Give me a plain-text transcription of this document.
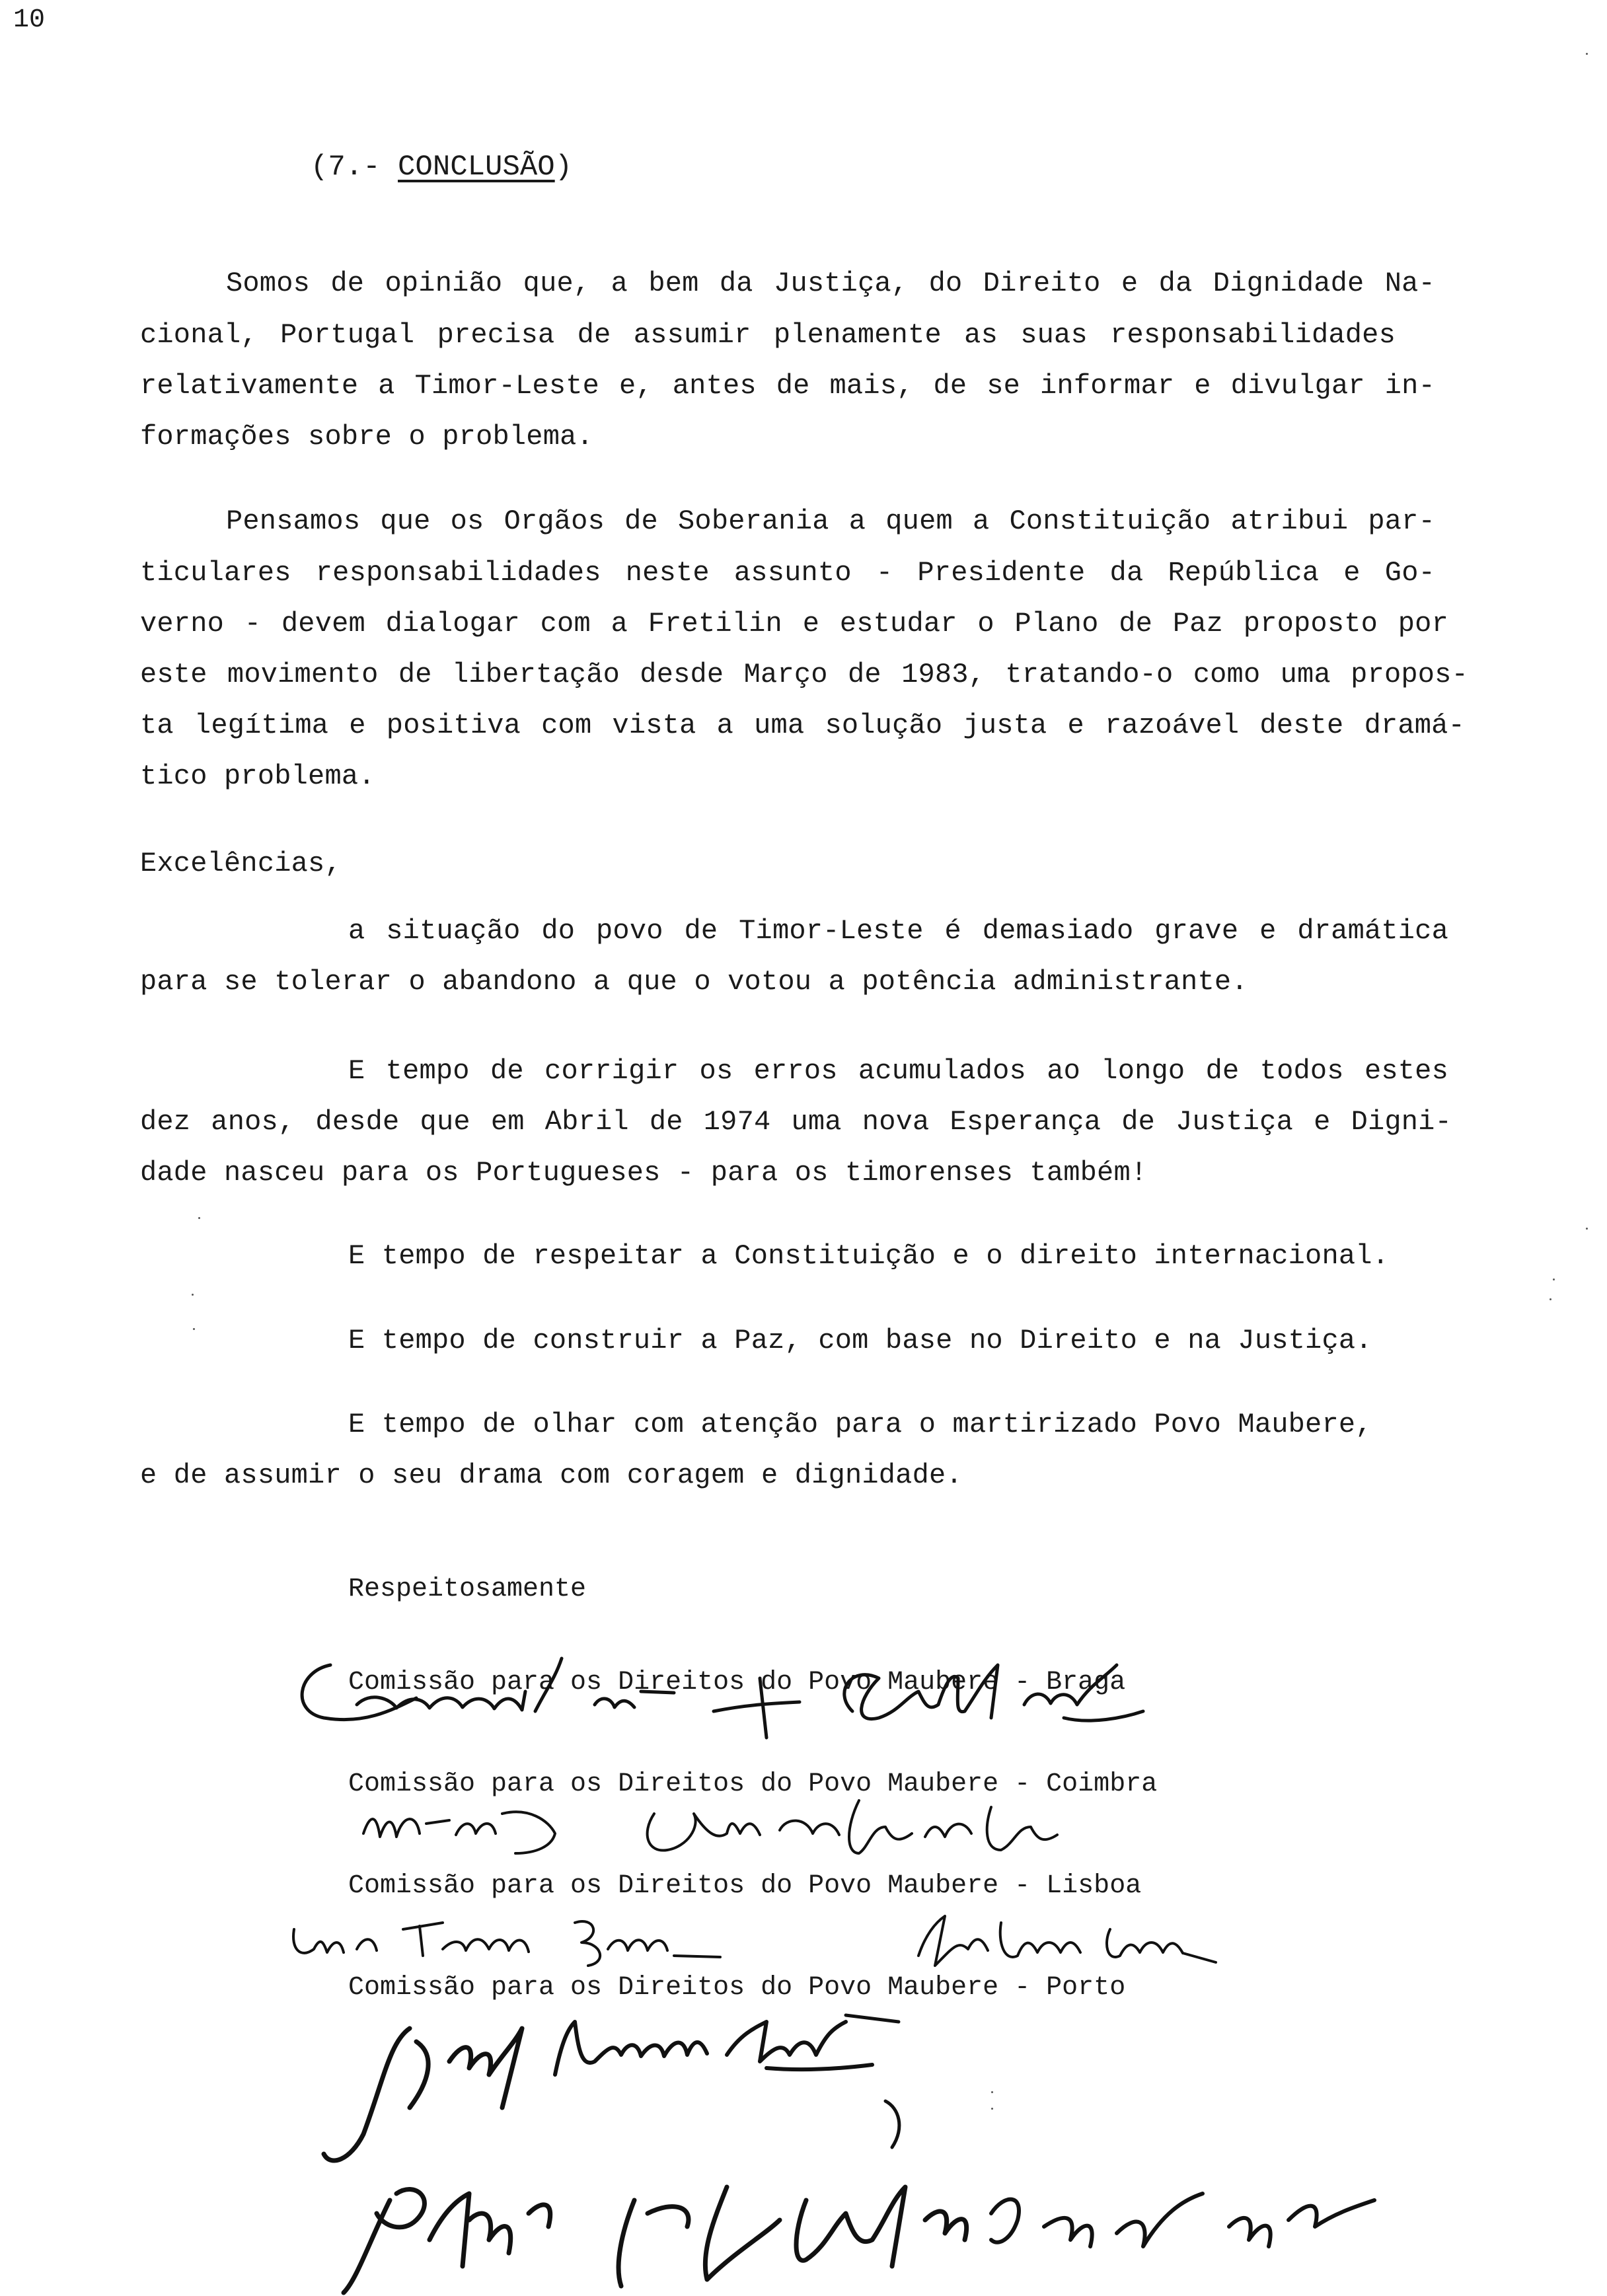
10
(7.- CONCLUSÃO)
Somos de opinião que, a bem da Justiça, do Direito e da Dignidade Na-
cional, Portugal precisa de assumir plenamente as suas responsabilidades
relativamente a Timor-Leste e, antes de mais, de se informar e divulgar in-
formações sobre o problema.
Pensamos que os Orgãos de Soberania a quem a Constituição atribui par-
ticulares responsabilidades neste assunto - Presidente da República e Go-
verno - devem dialogar com a Fretilin e estudar o Plano de Paz proposto por
este movimento de libertação desde Março de 1983, tratando-o como uma propos-
ta legítima e positiva com vista a uma solução justa e razoável deste dramá-
tico problema.
Excelências,
a situação do povo de Timor-Leste é demasiado grave e dramática
para se tolerar o abandono a que o votou a potência administrante.
E tempo de corrigir os erros acumulados ao longo de todos estes
dez anos, desde que em Abril de 1974 uma nova Esperança de Justiça e Digni-
dade nasceu para os Portugueses - para os timorenses também!
E tempo de respeitar a Constituição e o direito internacional.
E tempo de construir a Paz, com base no Direito e na Justiça.
E tempo de olhar com atenção para o martirizado Povo Maubere,
e de assumir o seu drama com coragem e dignidade.
Respeitosamente
Comissão para os Direitos do Povo Maubere - Braga
Comissão para os Direitos do Povo Maubere - Coimbra
Comissão para os Direitos do Povo Maubere - Lisboa
Comissão para os Direitos do Povo Maubere - Porto
